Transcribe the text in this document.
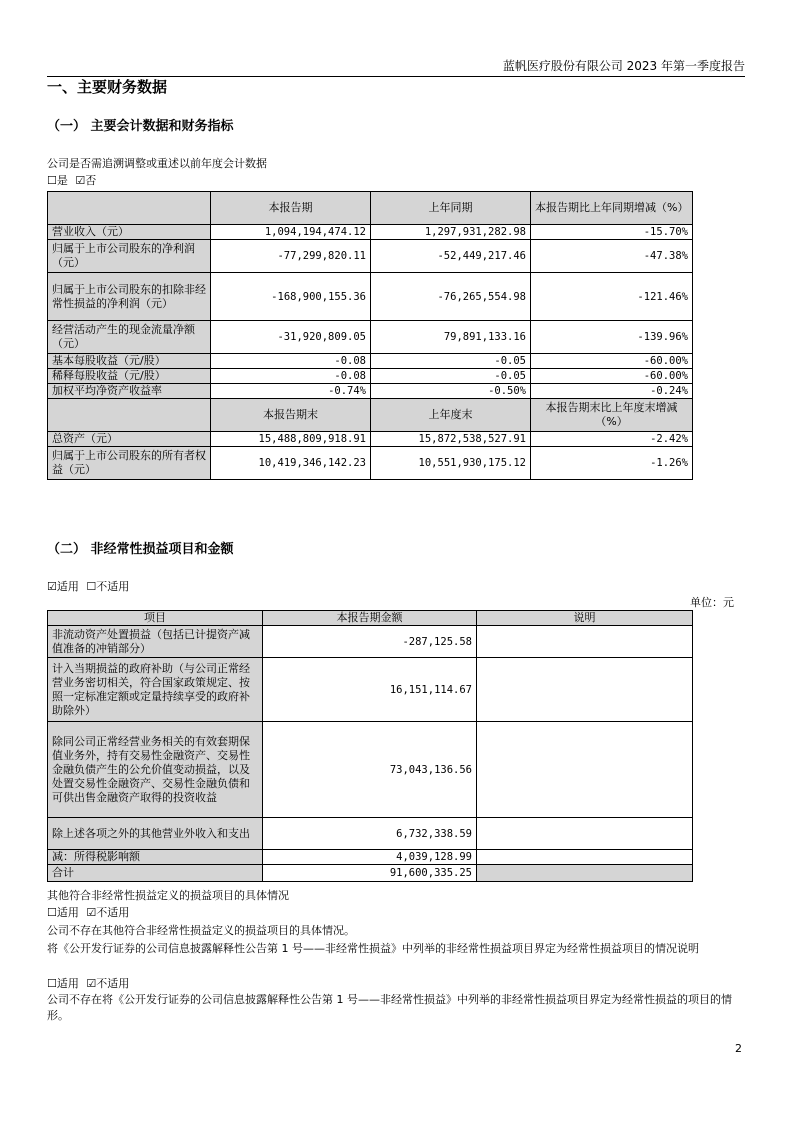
蓝帆医疗股份有限公司 2023 年第一季度报告
一、主要财务数据
（一） 主要会计数据和财务指标
公司是否需追溯调整或重述以前年度会计数据
☐是 ☑否
	本报告期	上年同期	本报告期比上年同期增减（%）
营业收入（元）	1,094,194,474.12	1,297,931,282.98	-15.70%
归属于上市公司股东的净利润（元）	-77,299,820.11	-52,449,217.46	-47.38%
归属于上市公司股东的扣除非经常性损益的净利润（元）	-168,900,155.36	-76,265,554.98	-121.46%
经营活动产生的现金流量净额（元）	-31,920,809.05	79,891,133.16	-139.96%
基本每股收益（元/股）	-0.08	-0.05	-60.00%
稀释每股收益（元/股）	-0.08	-0.05	-60.00%
加权平均净资产收益率	-0.74%	-0.50%	-0.24%
	本报告期末	上年度末	本报告期末比上年度末增减（%）
总资产（元）	15,488,809,918.91	15,872,538,527.91	-2.42%
归属于上市公司股东的所有者权益（元）	10,419,346,142.23	10,551,930,175.12	-1.26%
（二） 非经常性损益项目和金额
☑适用 ☐不适用
单位：元
项目	本报告期金额	说明
非流动资产处置损益（包括已计提资产减值准备的冲销部分）	-287,125.58	
计入当期损益的政府补助（与公司正常经营业务密切相关，符合国家政策规定、按照一定标准定额或定量持续享受的政府补助除外）	16,151,114.67	
除同公司正常经营业务相关的有效套期保值业务外，持有交易性金融资产、交易性金融负债产生的公允价值变动损益，以及处置交易性金融资产、交易性金融负债和可供出售金融资产取得的投资收益	73,043,136.56	
除上述各项之外的其他营业外收入和支出	6,732,338.59	
减：所得税影响额	4,039,128.99	
合计	91,600,335.25	
其他符合非经常性损益定义的损益项目的具体情况
☐适用 ☑不适用
公司不存在其他符合非经常性损益定义的损益项目的具体情况。
将《公开发行证券的公司信息披露解释性公告第 1 号——非经常性损益》中列举的非经常性损益项目界定为经常性损益项目的情况说明
☐适用 ☑不适用
公司不存在将《公开发行证券的公司信息披露解释性公告第 1 号——非经常性损益》中列举的非经常性损益项目界定为经常性损益的项目的情形。
2
